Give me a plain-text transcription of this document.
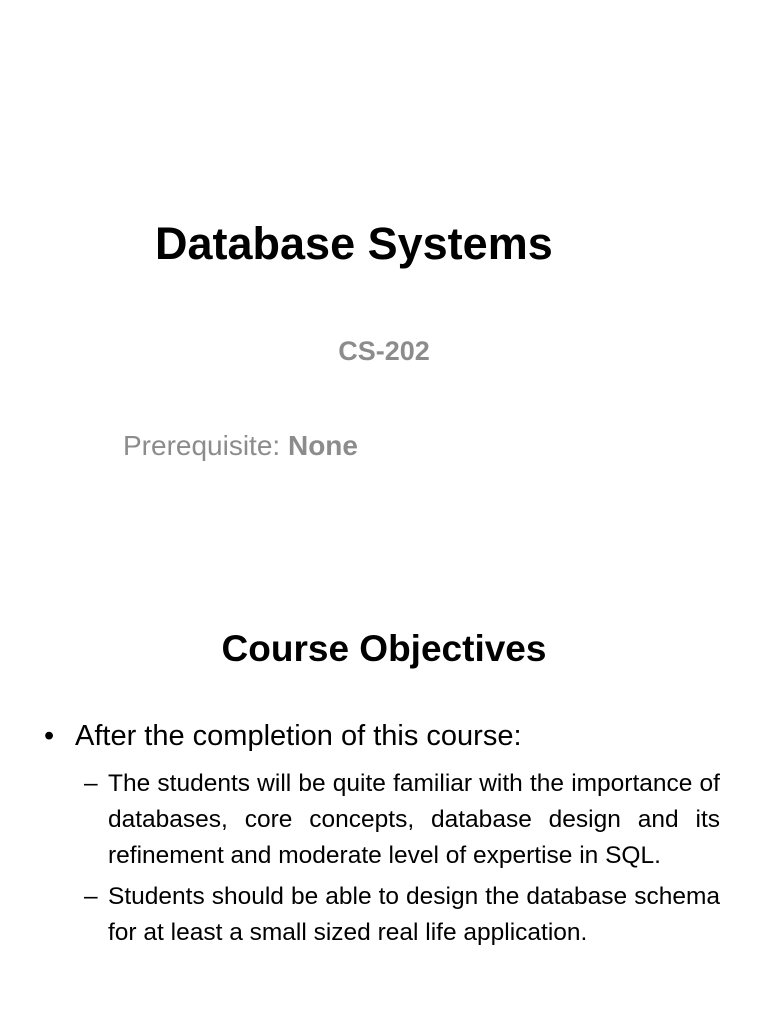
Database Systems
CS-202
Prerequisite: None
Course Objectives
• After the completion of this course:
– The students will be quite familiar with the importance of databases, core concepts, database design and its refinement and moderate level of expertise in SQL.
– Students should be able to design the database schema for at least a small sized real life application.
